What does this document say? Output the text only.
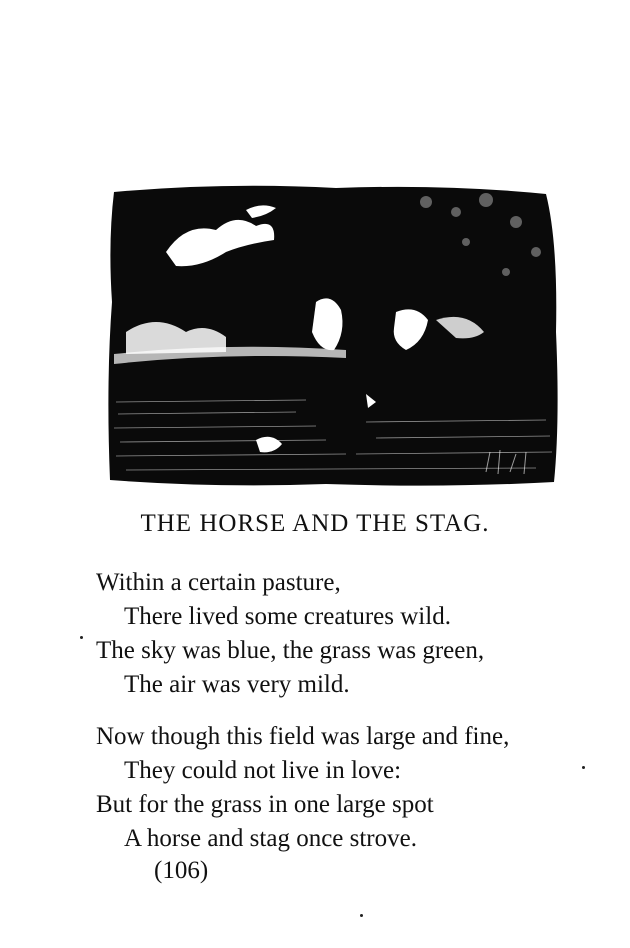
THE HORSE AND THE STAG.
Within a certain pasture,
There lived some creatures wild.
The sky was blue, the grass was green,
The air was very mild.
Now though this field was large and fine,
They could not live in love:
But for the grass in one large spot
A horse and stag once strove.
(106)
